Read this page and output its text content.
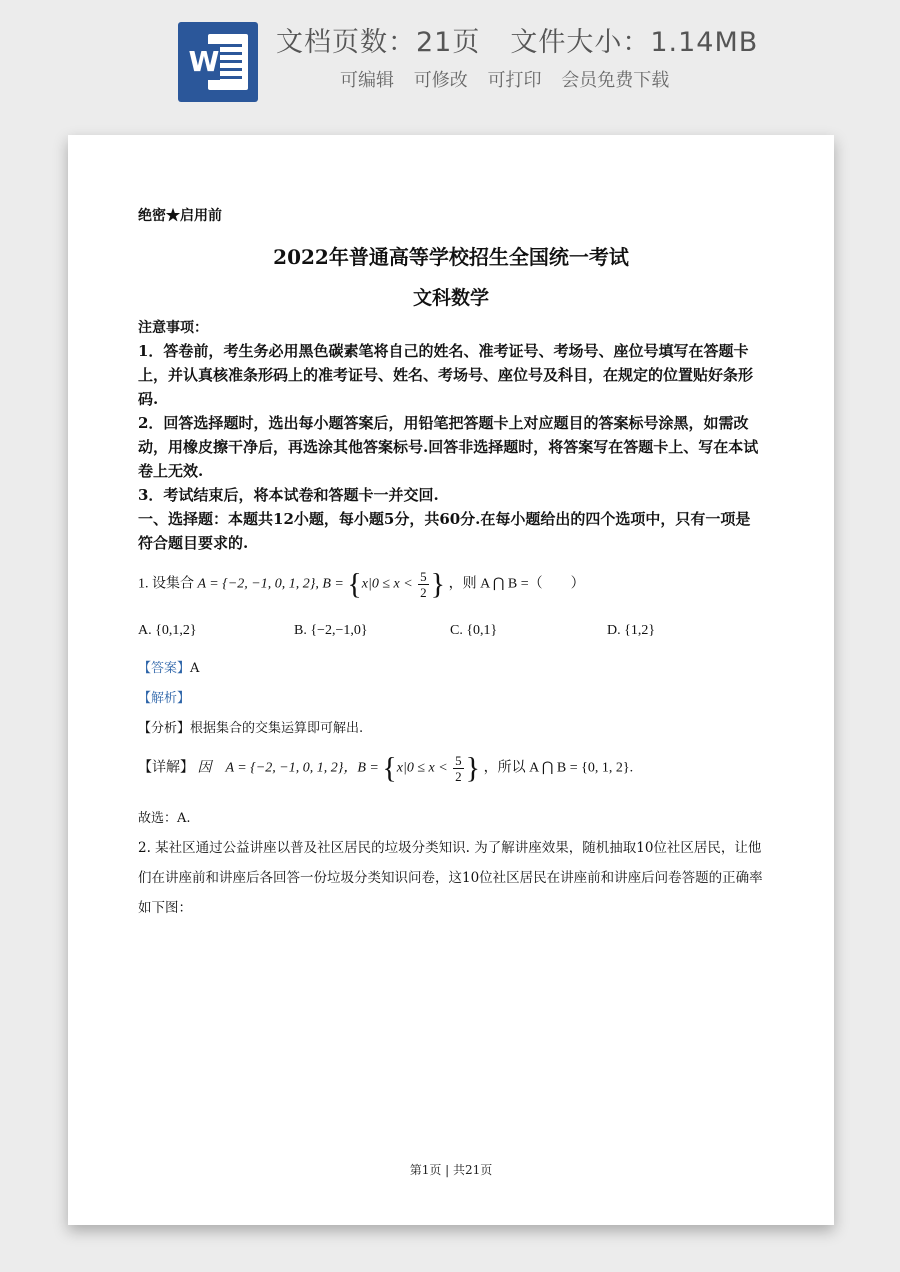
W
文档页数：21页 文件大小：1.14MB
可编辑 可修改 可打印 会员免费下载
绝密★启用前
2022年普通高等学校招生全国统一考试
文科数学
注意事项：
1．答卷前，考生务必用黑色碳素笔将自己的姓名、准考证号、考场号、座位号填写在答题卡上，并认真核准条形码上的准考证号、姓名、考场号、座位号及科目，在规定的位置贴好条形码.
2．回答选择题时，选出每小题答案后，用铅笔把答题卡上对应题目的答案标号涂黑，如需改动，用橡皮擦干净后，再选涂其他答案标号.回答非选择题时，将答案写在答题卡上、写在本试卷上无效.
3．考试结束后，将本试卷和答题卡一并交回.
一、选择题：本题共12小题，每小题5分，共60分.在每小题给出的四个选项中，只有一项是符合题目要求的.
1. 设集合 A = {−2, −1, 0, 1, 2}, $B = \{x|0 \le x < \frac{5}{2}$ } ，则 A ⋂ B =（　　）
A. {0,1,2}	B. {−2,−1,0}	C. {0,1}	D. {1,2}
【答案】A
【解析】
【分析】根据集合的交集运算即可解出.
【详解】 因　A = {−2, −1, 0, 1, 2}，$B = \{x|0 \le x < \frac{5}{2}$ } ，所以 A ⋂ B = {0, 1, 2}.
故选：A.
2. 某社区通过公益讲座以普及社区居民的垃圾分类知识. 为了解讲座效果，随机抽取10位社区居民，让他们在讲座前和讲座后各回答一份垃圾分类知识问卷，这10位社区居民在讲座前和讲座后问卷答题的正确率如下图：
第1页 | 共21页
